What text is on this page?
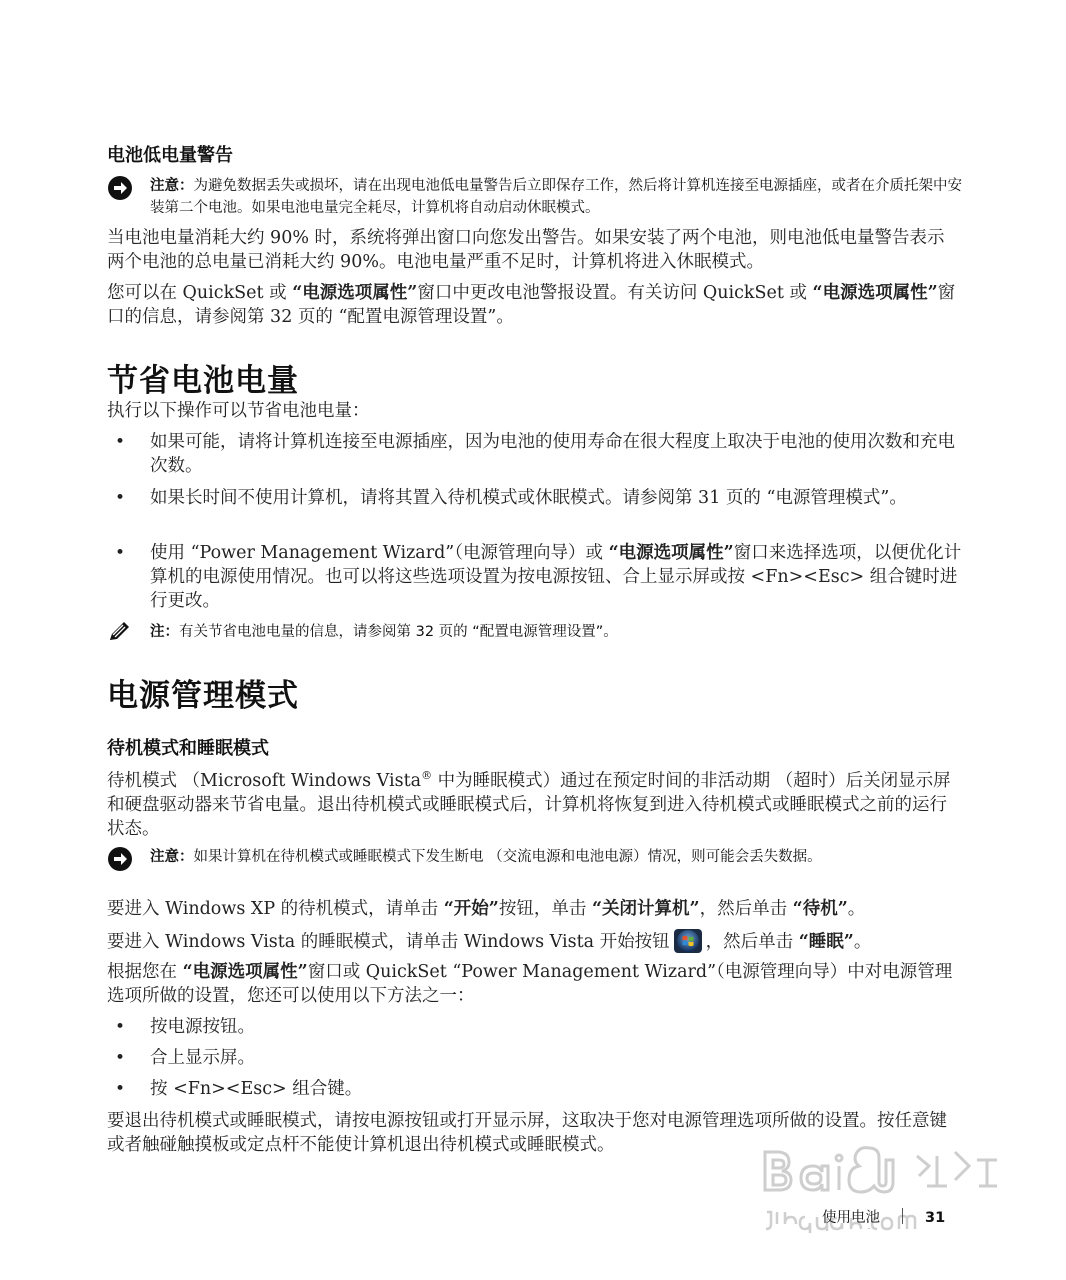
电池低电量警告
注意：为避免数据丢失或损坏，请在出现电池低电量警告后立即保存工作，然后将计算机连接至电源插座，或者在介质托架中安装第二个电池。如果电池电量完全耗尽，计算机将自动启动休眠模式。

当电池电量消耗大约 90% 时，系统将弹出窗口向您发出警告。如果安装了两个电池，则电池低电量警告表示两个电池的总电量已消耗大约 90%。电池电量严重不足时，计算机将进入休眠模式。

您可以在 QuickSet 或 “电源选项属性”窗口中更改电池警报设置。有关访问 QuickSet 或 “电源选项属性”窗口的信息，请参阅第 32 页的 “配置电源管理设置”。

节省电池电量

执行以下操作可以节省电池电量：

• 如果可能，请将计算机连接至电源插座，因为电池的使用寿命在很大程度上取决于电池的使用次数和充电次数。
• 如果长时间不使用计算机，请将其置入待机模式或休眠模式。请参阅第 31 页的 “电源管理模式”。
• 使用 “Power Management Wizard”（电源管理向导）或 “电源选项属性”窗口来选择选项，以便优化计算机的电源使用情况。也可以将这些选项设置为按电源按钮、合上显示屏或按 <Fn><Esc> 组合键时进行更改。
注：有关节省电池电量的信息，请参阅第 32 页的 “配置电源管理设置”。
电源管理模式
待机模式和睡眠模式

待机模式 （Microsoft Windows Vista® 中为睡眠模式）通过在预定时间的非活动期 （超时）后关闭显示屏和硬盘驱动器来节省电量。退出待机模式或睡眠模式后，计算机将恢复到进入待机模式或睡眠模式之前的运行状态。

注意：如果计算机在待机模式或睡眠模式下发生断电 （交流电源和电池电源）情况，则可能会丢失数据。

要进入 Windows XP 的待机模式，请单击 “开始”按钮，单击 “关闭计算机”，然后单击 “待机”。

要进入 Windows Vista 的睡眠模式，请单击 Windows Vista 开始按钮 ，然后单击 “睡眠”。

根据您在 “电源选项属性”窗口或 QuickSet “Power Management Wizard”（电源管理向导）中对电源管理选项所做的设置，您还可以使用以下方法之一：

• 按电源按钮。
• 合上显示屏。
• 按 <Fn><Esc> 组合键。

要退出待机模式或睡眠模式，请按电源按钮或打开显示屏，这取决于您对电源管理选项所做的设置。按任意键或者触碰触摸板或定点杆不能使计算机退出待机模式或睡眠模式。

使用电池	31
